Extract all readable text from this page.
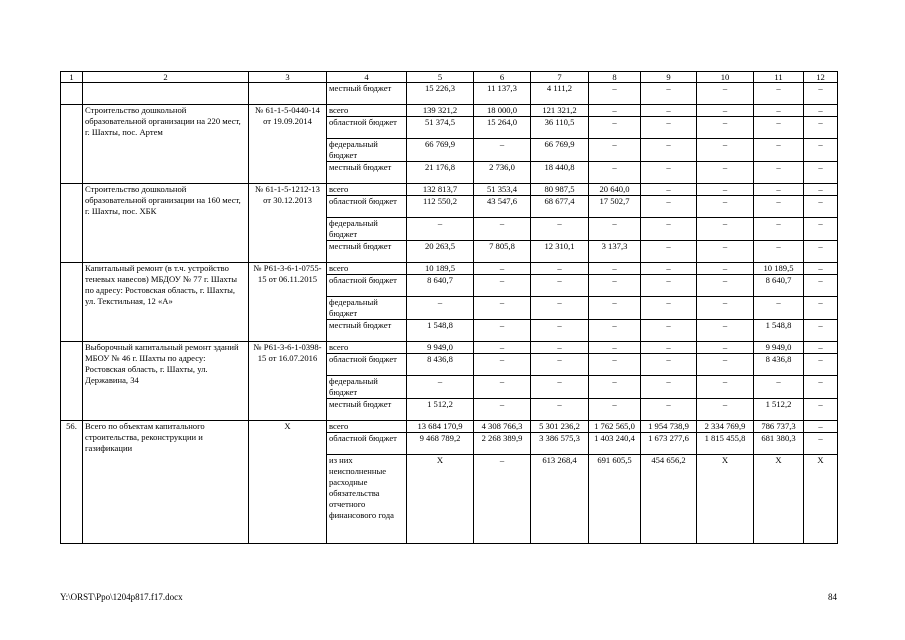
1	2	3	4	5	6	7	8	9	10	11	12
			местный бюджет	15 226,3	11 137,3	4 111,2	–	–	–	–	–
	Строительство дошкольной образовательной организации на 220 мест, г. Шахты, пос. Артем	№ 61-1-5-0440-14 от 19.09.2014	всего	139 321,2	18 000,0	121 321,2	–	–	–	–	–
			областной бюджет	51 374,5	15 264,0	36 110,5	–	–	–	–	–
			федеральный бюджет	66 769,9	–	66 769,9	–	–	–	–	–
			местный бюджет	21 176,8	2 736,0	18 440,8	–	–	–	–	–
	Строительство дошкольной образовательной организации на 160 мест, г. Шахты, пос. ХБК	№ 61-1-5-1212-13 от 30.12.2013	всего	132 813,7	51 353,4	80 987,5	20 640,0	–	–	–	–
			областной бюджет	112 550,2	43 547,6	68 677,4	17 502,7	–	–	–	–
			федеральный бюджет	–	–	–	–	–	–	–	–
			местный бюджет	20 263,5	7 805,8	12 310,1	3 137,3	–	–	–	–
	Капитальный ремонт (в т.ч. устройство теневых навесов) МБДОУ № 77 г. Шахты по адресу: Ростовская область, г. Шахты, ул. Текстильная, 12 «А»	№ Р61-3-6-1-0755-15 от 06.11.2015	всего	10 189,5	–	–	–	–	–	10 189,5	–
			областной бюджет	8 640,7	–	–	–	–	–	8 640,7	–
			федеральный бюджет	–	–	–	–	–	–	–	–
			местный бюджет	1 548,8	–	–	–	–	–	1 548,8	–
	Выборочный капитальный ремонт зданий МБОУ № 46 г. Шахты по адресу: Ростовская область, г. Шахты, ул. Державина, 34	№ Р61-3-6-1-0398-15 от 16.07.2016	всего	9 949,0	–	–	–	–	–	9 949,0	–
			областной бюджет	8 436,8	–	–	–	–	–	8 436,8	–
			федеральный бюджет	–	–	–	–	–	–	–	–
			местный бюджет	1 512,2	–	–	–	–	–	1 512,2	–
56.	Всего по объектам капитального строительства, реконструкции и газификации	Х	всего	13 684 170,9	4 308 766,3	5 301 236,2	1 762 565,0	1 954 738,9	2 334 769,9	786 737,3	–
			областной бюджет	9 468 789,2	2 268 389,9	3 386 575,3	1 403 240,4	1 673 277,6	1 815 455,8	681 380,3	–
			из них неисполненные расходные обязательства отчетного финансового года	Х	–	613 268,4	691 605,5	454 656,2	Х	Х	Х
Y:\ORST\Ppo\1204p817.f17.docx	84
